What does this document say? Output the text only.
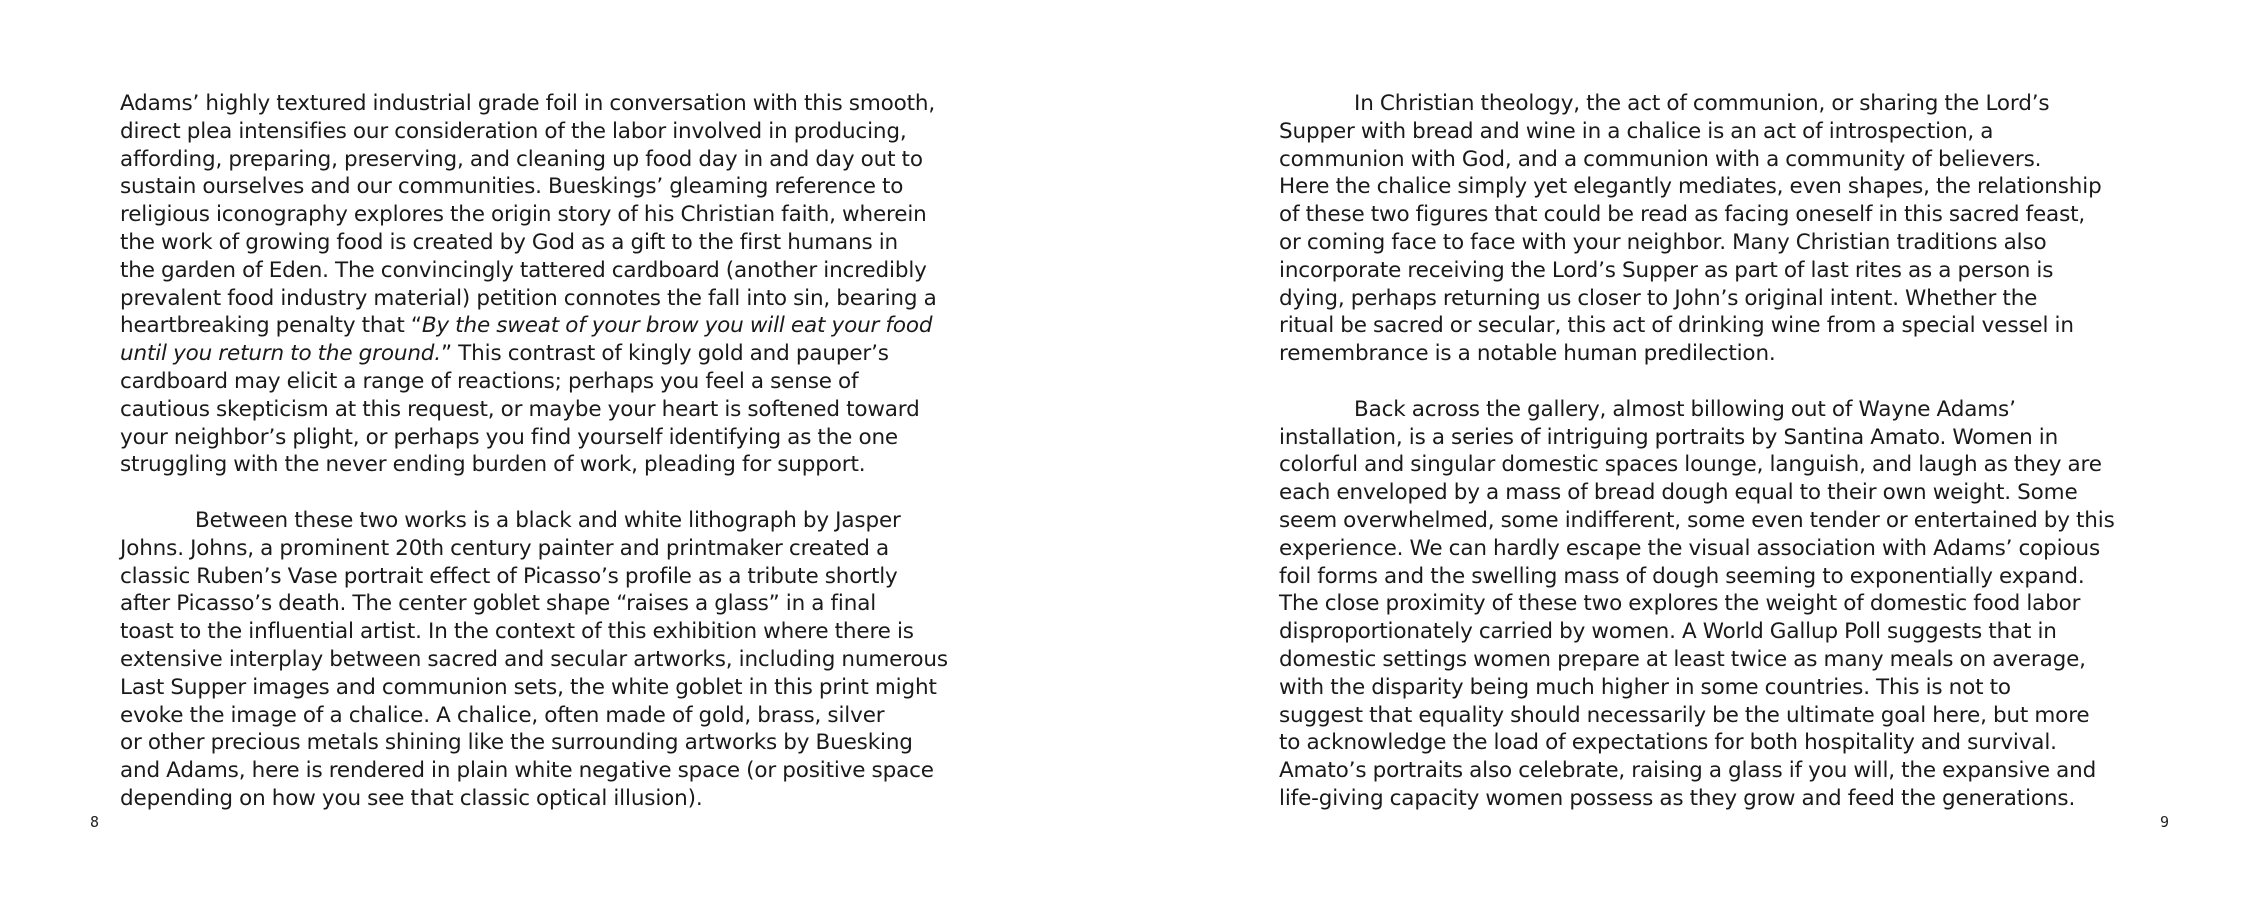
Adams’ highly textured industrial grade foil in conversation with this smooth,
direct plea intensifies our consideration of the labor involved in producing,
affording, preparing, preserving, and cleaning up food day in and day out to
sustain ourselves and our communities. Bueskings’ gleaming reference to
religious iconography explores the origin story of his Christian faith, wherein
the work of growing food is created by God as a gift to the first humans in
the garden of Eden. The convincingly tattered cardboard (another incredibly
prevalent food industry material) petition connotes the fall into sin, bearing a
heartbreaking penalty that “By the sweat of your brow you will eat your food
until you return to the ground.” This contrast of kingly gold and pauper’s
cardboard may elicit a range of reactions; perhaps you feel a sense of
cautious skepticism at this request, or maybe your heart is softened toward
your neighbor’s plight, or perhaps you find yourself identifying as the one
struggling with the never ending burden of work, pleading for support.
Between these two works is a black and white lithograph by Jasper
Johns. Johns, a prominent 20th century painter and printmaker created a
classic Ruben’s Vase portrait effect of Picasso’s profile as a tribute shortly
after Picasso’s death. The center goblet shape “raises a glass” in a final
toast to the influential artist. In the context of this exhibition where there is
extensive interplay between sacred and secular artworks, including numerous
Last Supper images and communion sets, the white goblet in this print might
evoke the image of a chalice. A chalice, often made of gold, brass, silver
or other precious metals shining like the surrounding artworks by Buesking
and Adams, here is rendered in plain white negative space (or positive space
depending on how you see that classic optical illusion).
8
In Christian theology, the act of communion, or sharing the Lord’s
Supper with bread and wine in a chalice is an act of introspection, a
communion with God, and a communion with a community of believers.
Here the chalice simply yet elegantly mediates, even shapes, the relationship
of these two figures that could be read as facing oneself in this sacred feast,
or coming face to face with your neighbor. Many Christian traditions also
incorporate receiving the Lord’s Supper as part of last rites as a person is
dying, perhaps returning us closer to John’s original intent. Whether the
ritual be sacred or secular, this act of drinking wine from a special vessel in
remembrance is a notable human predilection.
Back across the gallery, almost billowing out of Wayne Adams’
installation, is a series of intriguing portraits by Santina Amato. Women in
colorful and singular domestic spaces lounge, languish, and laugh as they are
each enveloped by a mass of bread dough equal to their own weight. Some
seem overwhelmed, some indifferent, some even tender or entertained by this
experience. We can hardly escape the visual association with Adams’ copious
foil forms and the swelling mass of dough seeming to exponentially expand.
The close proximity of these two explores the weight of domestic food labor
disproportionately carried by women. A World Gallup Poll suggests that in
domestic settings women prepare at least twice as many meals on average,
with the disparity being much higher in some countries. This is not to
suggest that equality should necessarily be the ultimate goal here, but more
to acknowledge the load of expectations for both hospitality and survival.
Amato’s portraits also celebrate, raising a glass if you will, the expansive and
life-giving capacity women possess as they grow and feed the generations.
9
